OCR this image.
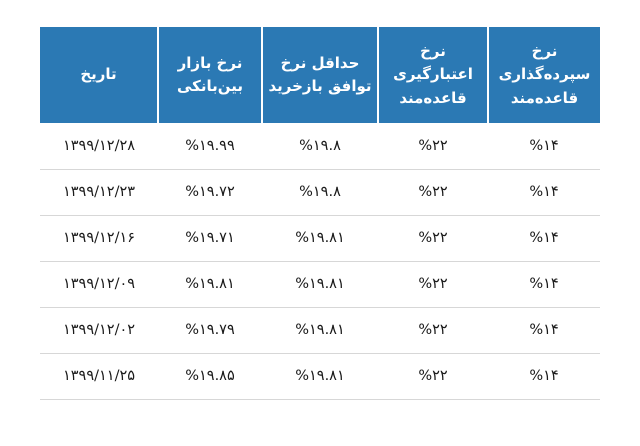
نرخ سپرده‌گذاری قاعده‌مند	نرخ اعتبارگیری قاعده‌مند	حداقل نرخ توافق بازخرید	نرخ بازار بین‌بانکی	تاریخ
%۱۴	%۲۲	%۱۹.۸	%۱۹.۹۹	۱۳۹۹/۱۲/۲۸
%۱۴	%۲۲	%۱۹.۸	%۱۹.۷۲	۱۳۹۹/۱۲/۲۳
%۱۴	%۲۲	%۱۹.۸۱	%۱۹.۷۱	۱۳۹۹/۱۲/۱۶
%۱۴	%۲۲	%۱۹.۸۱	%۱۹.۸۱	۱۳۹۹/۱۲/۰۹
%۱۴	%۲۲	%۱۹.۸۱	%۱۹.۷۹	۱۳۹۹/۱۲/۰۲
%۱۴	%۲۲	%۱۹.۸۱	%۱۹.۸۵	۱۳۹۹/۱۱/۲۵
